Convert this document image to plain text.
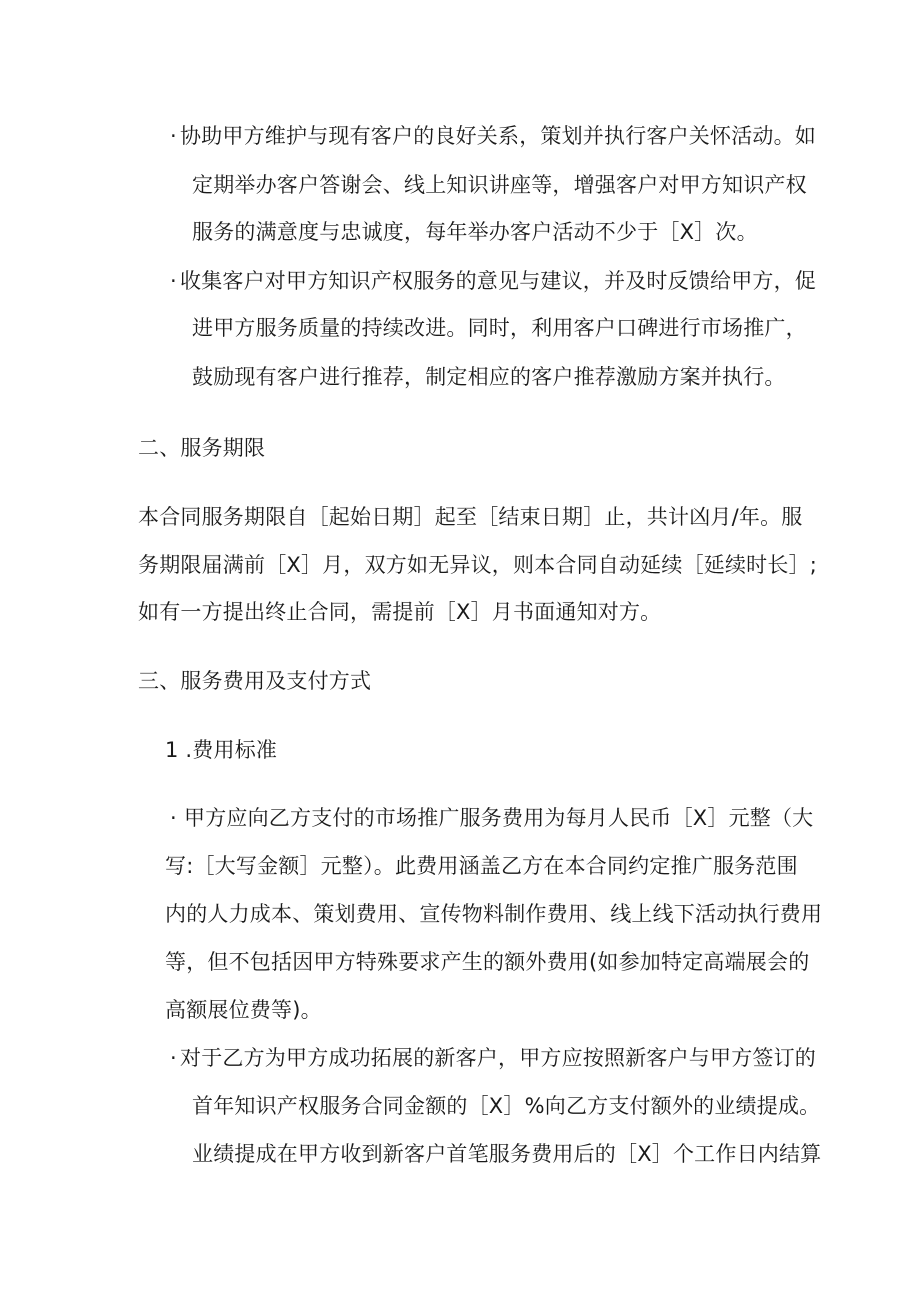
· 协助甲方维护与现有客户的良好关系，策划并执行客户关怀活动。如
定期举办客户答谢会、线上知识讲座等，增强客户对甲方知识产权
服务的满意度与忠诚度，每年举办客户活动不少于［X］次。
· 收集客户对甲方知识产权服务的意见与建议，并及时反馈给甲方，促
进甲方服务质量的持续改进。同时，利用客户口碑进行市场推广，
鼓励现有客户进行推荐，制定相应的客户推荐激励方案并执行。
二、服务期限
本合同服务期限自［起始日期］起至［结束日期］止，共计凶月/年。服
务期限届满前［X］月，双方如无异议，则本合同自动延续［延续时长］;
如有一方提出终止合同，需提前［X］月书面通知对方。
三、服务费用及支付方式
1 .费用标准
· 甲方应向乙方支付的市场推广服务费用为每月人民币［X］元整（大
写:［大写金额］元整）。此费用涵盖乙方在本合同约定推广服务范围
内的人力成本、策划费用、宣传物料制作费用、线上线下活动执行费用
等，但不包括因甲方特殊要求产生的额外费用(如参加特定高端展会的
高额展位费等)。
· 对于乙方为甲方成功拓展的新客户，甲方应按照新客户与甲方签订的
首年知识产权服务合同金额的［X］%向乙方支付额外的业绩提成。
业绩提成在甲方收到新客户首笔服务费用后的［X］个工作日内结算
